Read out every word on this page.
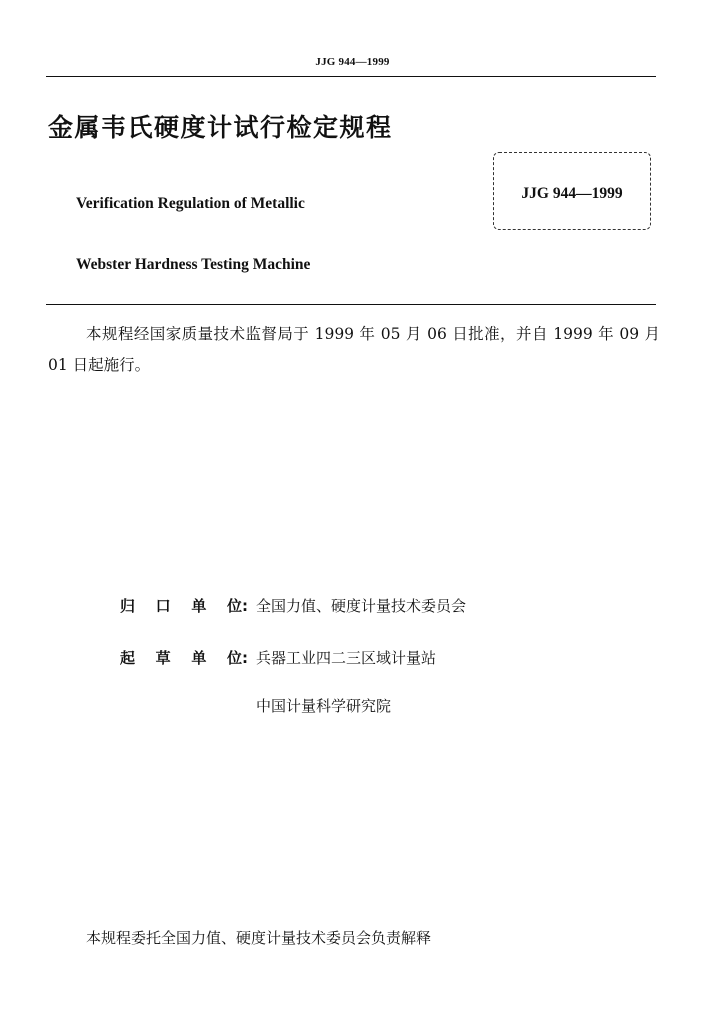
JJG 944—1999
金属韦氏硬度计试行检定规程
Verification Regulation of Metallic
Webster Hardness Testing Machine
JJG 944—1999
本规程经国家质量技术监督局于 1999 年 05 月 06 日批准，并自 1999 年 09 月 01 日起施行。
归 口 单 位: 全国力值、硬度计量技术委员会
起 草 单 位: 兵器工业四二三区域计量站
中国计量科学研究院
本规程委托全国力值、硬度计量技术委员会负责解释
